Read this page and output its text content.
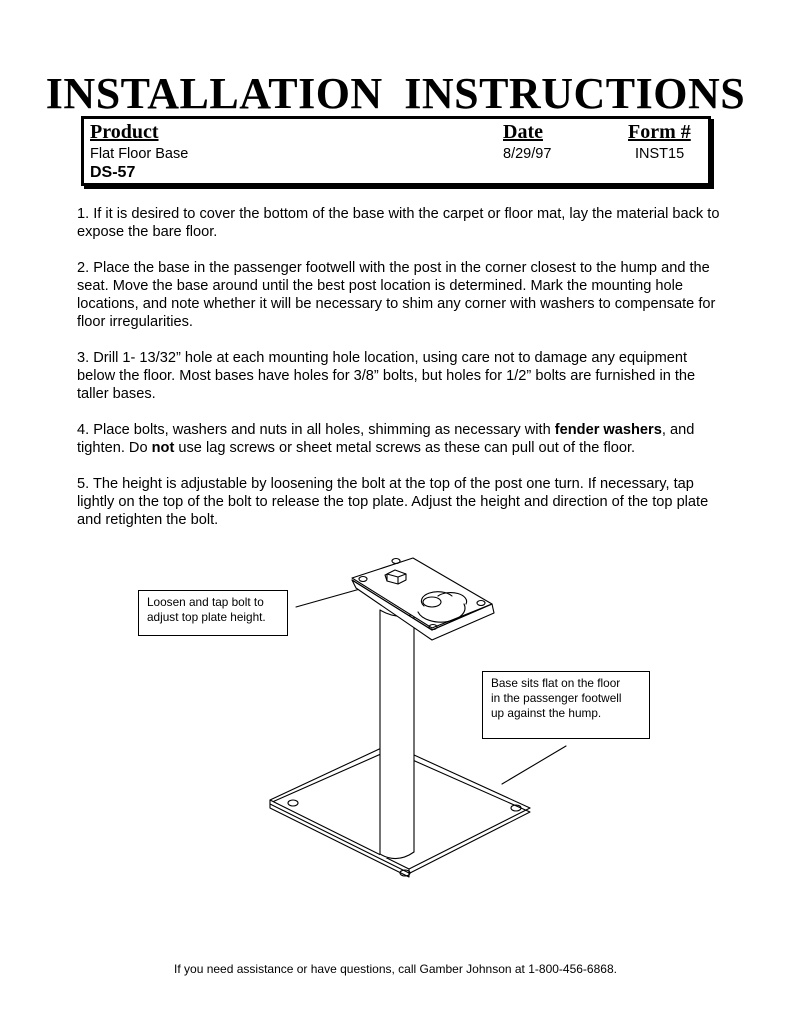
INSTALLATION INSTRUCTIONS
Product
Flat Floor Base
DS-57
Date
8/29/97
Form #
INST15

1. If it is desired to cover the bottom of the base with the carpet or floor mat, lay the material back to expose the bare floor.

2. Place the base in the passenger footwell with the post in the corner closest to the hump and the seat. Move the base around until the best post location is determined. Mark the mounting hole locations, and note whether it will be necessary to shim any corner with washers to compensate for floor irregularities.

3. Drill 1- 13/32” hole at each mounting hole location, using care not to damage any equipment below the floor. Most bases have holes for 3/8” bolts, but holes for 1/2” bolts are furnished in the taller bases.

4. Place bolts, washers and nuts in all holes, shimming as necessary with fender washers, and tighten. Do not use lag screws or sheet metal screws as these can pull out of the floor.

5. The height is adjustable by loosening the bolt at the top of the post one turn. If necessary, tap lightly on the top of the bolt to release the top plate. Adjust the height and direction of the top plate and retighten the bolt.

Loosen and tap bolt to
adjust top plate height.
Base sits flat on the floor
in the passenger footwell
up against the hump.
If you need assistance or have questions, call Gamber Johnson at 1-800-456-6868.
